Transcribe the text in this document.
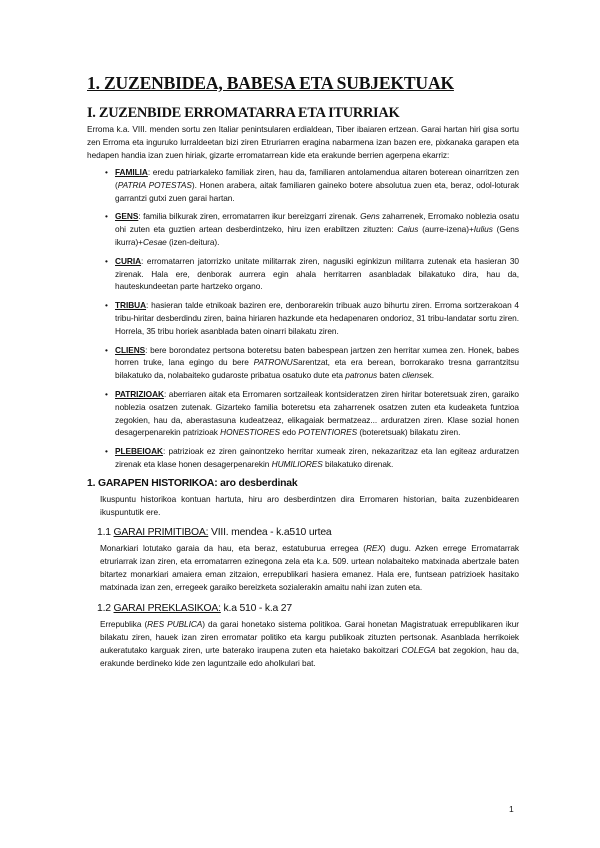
1. ZUZENBIDEA, BABESA ETA SUBJEKTUAK
I. ZUZENBIDE ERROMATARRA ETA ITURRIAK

Erroma k.a. VIII. menden sortu zen Italiar penintsularen erdialdean, Tiber ibaiaren ertzean. Garai hartan hiri gisa sortu zen Erroma eta inguruko lurraldeetan bizi ziren Etruriarren eragina nabarmena izan bazen ere, pixkanaka garapen eta hedapen handia izan zuen hiriak, gizarte erromatarrean kide eta erakunde berrien agerpena ekarriz:

• FAMILIA: eredu patriarkaleko familiak ziren, hau da, familiaren antolamendua aitaren boterean oinarritzen zen (PATRIA POTESTAS). Honen arabera, aitak familiaren gaineko botere absolutua zuen eta, beraz, odol-loturak garrantzi gutxi zuen garai hartan.
• GENS: familia bilkurak ziren, erromatarren ikur bereizgarri zirenak. Gens zaharrenek, Erromako noblezia osatu ohi zuten eta guztien artean desberdintzeko, hiru izen erabiltzen zituzten: Caius (aurre-izena)+Iulius (Gens ikurra)+Cesae (izen-deitura).
• CURIA: erromatarren jatorrizko unitate militarrak ziren, nagusiki eginkizun militarra zutenak eta hasieran 30 zirenak. Hala ere, denborak aurrera egin ahala herritarren asanbladak bilakatuko dira, hau da, hauteskundeetan parte hartzeko organo.
• TRIBUA: hasieran talde etnikoak baziren ere, denborarekin tribuak auzo bihurtu ziren. Erroma sortzerakoan 4 tribu-hiritar desberdindu ziren, baina hiriaren hazkunde eta hedapenaren ondorioz, 31 tribu-landatar sortu ziren. Horrela, 35 tribu horiek asanblada baten oinarri bilakatu ziren.
• CLIENS: bere borondatez pertsona boteretsu baten babespean jartzen zen herritar xumea zen. Honek, babes horren truke, lana egingo du bere PATRONUSarentzat, eta era berean, borrokarako tresna garrantzitsu bilakatuko da, nolabaiteko gudaroste pribatua osatuko dute eta patronus baten cliensek.
• PATRIZIOAK: aberriaren aitak eta Erromaren sortzaileak kontsideratzen ziren hiritar boteretsuak ziren, garaiko noblezia osatzen zutenak. Gizarteko familia boteretsu eta zaharrenek osatzen zuten eta kudeaketa funtzioa zegokien, hau da, aberastasuna kudeatzeaz, elikagaiak bermatzeaz... arduratzen ziren. Klase sozial honen desagerpenarekin patrizioak HONESTIORES edo POTENTIORES (boteretsuak) bilakatu ziren.
• PLEBEIOAK: patrizioak ez ziren gainontzeko herritar xumeak ziren, nekazaritzaz eta lan egiteaz arduratzen zirenak eta klase honen desagerpenarekin HUMILIORES bilakatuko direnak.
1. GARAPEN HISTORIKOA: aro desberdinak

Ikuspuntu historikoa kontuan hartuta, hiru aro desberdintzen dira Erromaren historian, baita zuzenbidearen ikuspuntutik ere.

1.1 GARAI PRIMITIBOA: VIII. mendea - k.a510 urtea

Monarkiari lotutako garaia da hau, eta beraz, estatuburua erregea (REX) dugu. Azken errege Erromatarrak etruriarrak izan ziren, eta erromatarren ezinegona zela eta k.a. 509. urtean nolabaiteko matxinada abertzale baten bitartez monarkiari amaiera eman zitzaion, errepublikari hasiera emanez. Hala ere, funtsean patrizioek hasitako matxinada izan zen, erregeek garaiko bereizketa sozialerakin amaitu nahi izan zuten eta.

1.2 GARAI PREKLASIKOA: k.a 510 - k.a 27

Errepublika (RES PUBLICA) da garai honetako sistema politikoa. Garai honetan Magistratuak errepublikaren ikur bilakatu ziren, hauek izan ziren erromatar politiko eta kargu publikoak zituzten pertsonak. Asanblada herrikoiek aukeratutako karguak ziren, urte baterako iraupena zuten eta haietako bakoitzari COLEGA bat zegokion, hau da, erakunde berdineko kide zen laguntzaile edo aholkulari bat.

1
